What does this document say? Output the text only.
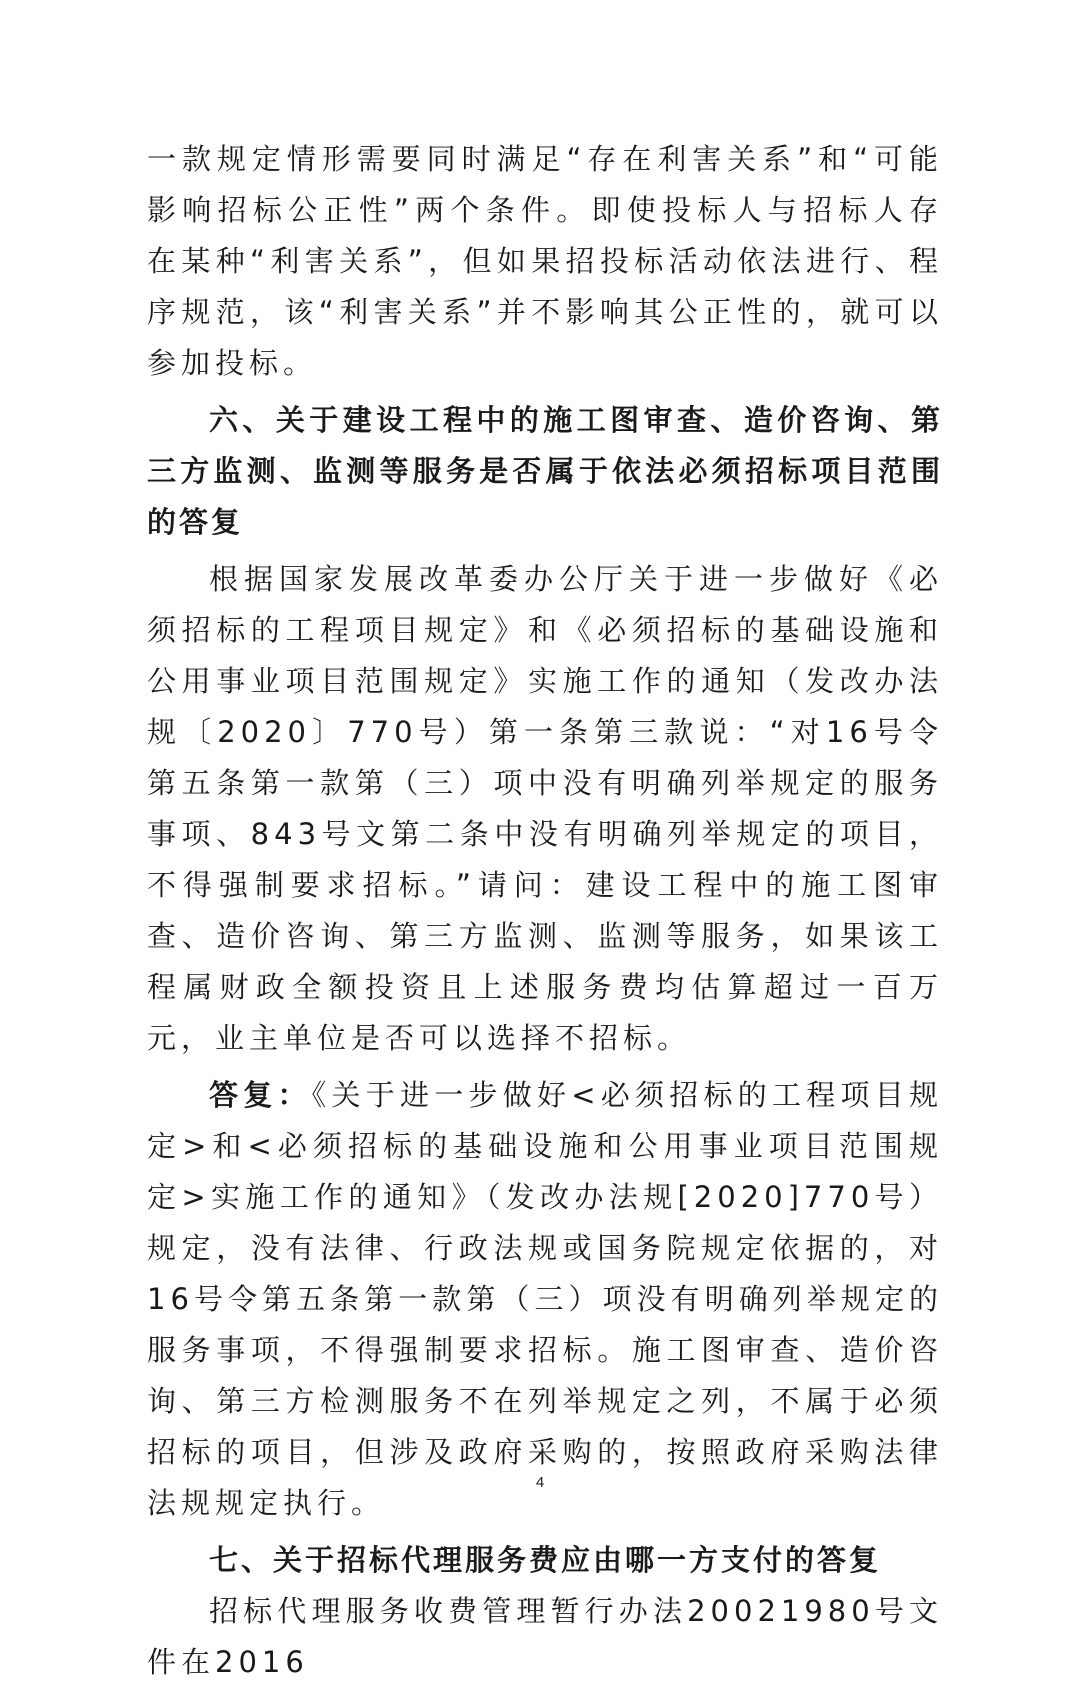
一款规定情形需要同时满足“存在利害关系”和“可能影响招标公正性”两个条件。即使投标人与招标人存在某种“利害关系”，但如果招投标活动依法进行、程序规范，该“利害关系”并不影响其公正性的，就可以参加投标。

六、关于建设工程中的施工图审查、造价咨询、第三方监测、监测等服务是否属于依法必须招标项目范围的答复

根据国家发展改革委办公厅关于进一步做好《必须招标的工程项目规定》和《必须招标的基础设施和公用事业项目范围规定》实施工作的通知（发改办法规〔2020〕770号）第一条第三款说：“对16号令第五条第一款第（三）项中没有明确列举规定的服务事项、843号文第二条中没有明确列举规定的项目，不得强制要求招标。”请问：建设工程中的施工图审查、造价咨询、第三方监测、监测等服务，如果该工程属财政全额投资且上述服务费均估算超过一百万元，业主单位是否可以选择不招标。

答复：《关于进一步做好<必须招标的工程项目规定>和<必须招标的基础设施和公用事业项目范围规定>实施工作的通知》（发改办法规[2020]770号）规定，没有法律、行政法规或国务院规定依据的，对16号令第五条第一款第（三）项没有明确列举规定的服务事项，不得强制要求招标。施工图审查、造价咨询、第三方检测服务不在列举规定之列，不属于必须招标的项目，但涉及政府采购的，按照政府采购法律法规规定执行。

七、关于招标代理服务费应由哪一方支付的答复

招标代理服务收费管理暂行办法20021980号文件在2016

4
